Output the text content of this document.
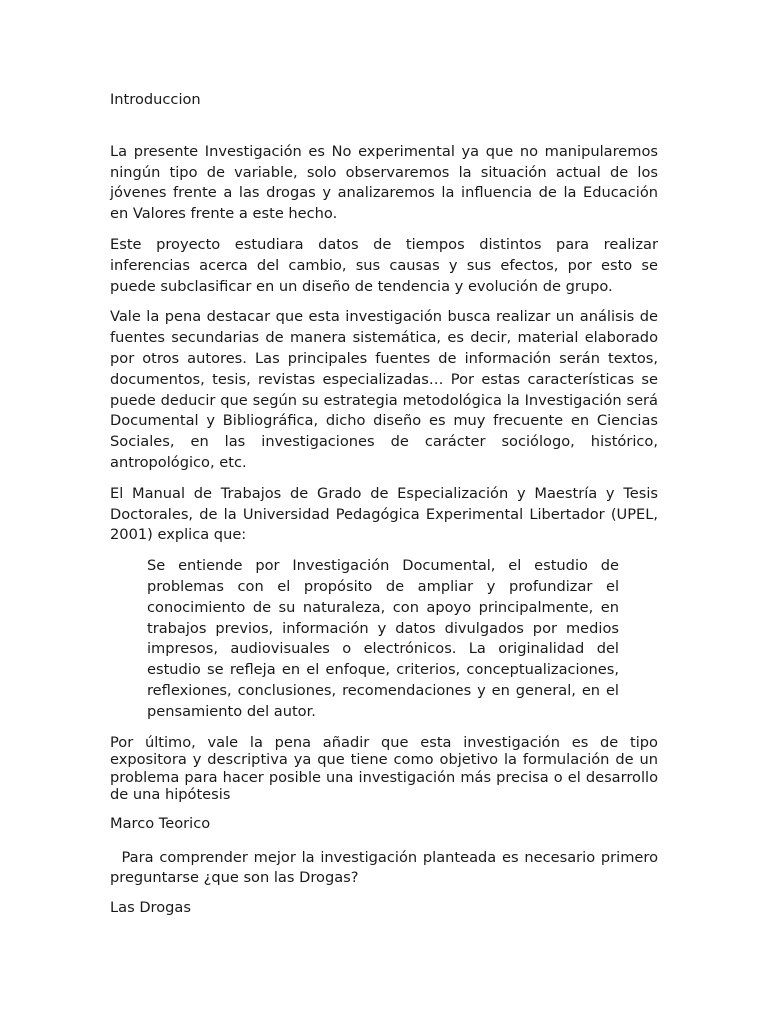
Introduccion

La presente Investigación es No experimental ya que no manipularemos ningún tipo de variable, solo observaremos la situación actual de los jóvenes frente a las drogas y analizaremos la influencia de la Educación en Valores frente a este hecho.

Este proyecto estudiara datos de tiempos distintos para realizar inferencias acerca del cambio, sus causas y sus efectos, por esto se puede subclasificar en un diseño de tendencia y evolución de grupo.

Vale la pena destacar que esta investigación busca realizar un análisis de fuentes secundarias de manera sistemática, es decir, material elaborado por otros autores. Las principales fuentes de información serán textos, documentos, tesis, revistas especializadas… Por estas características se puede deducir que según su estrategia metodológica la Investigación será Documental y Bibliográfica, dicho diseño es muy frecuente en Ciencias Sociales, en las investigaciones de carácter sociólogo, histórico, antropológico, etc.

El Manual de Trabajos de Grado de Especialización y Maestría y Tesis Doctorales, de la Universidad Pedagógica Experimental Libertador (UPEL, 2001) explica que:

Se entiende por Investigación Documental, el estudio de problemas con el propósito de ampliar y profundizar el conocimiento de su naturaleza, con apoyo principalmente, en trabajos previos, información y datos divulgados por medios impresos, audiovisuales o electrónicos. La originalidad del estudio se refleja en el enfoque, criterios, conceptualizaciones, reflexiones, conclusiones, recomendaciones y en general, en el pensamiento del autor.

Por último, vale la pena añadir que esta investigación es de tipo expositora y descriptiva ya que tiene como objetivo la formulación de un problema para hacer posible una investigación más precisa o el desarrollo de una hipótesis

Marco Teorico

Para comprender mejor la investigación planteada es necesario primero preguntarse ¿que son las Drogas?

Las Drogas
